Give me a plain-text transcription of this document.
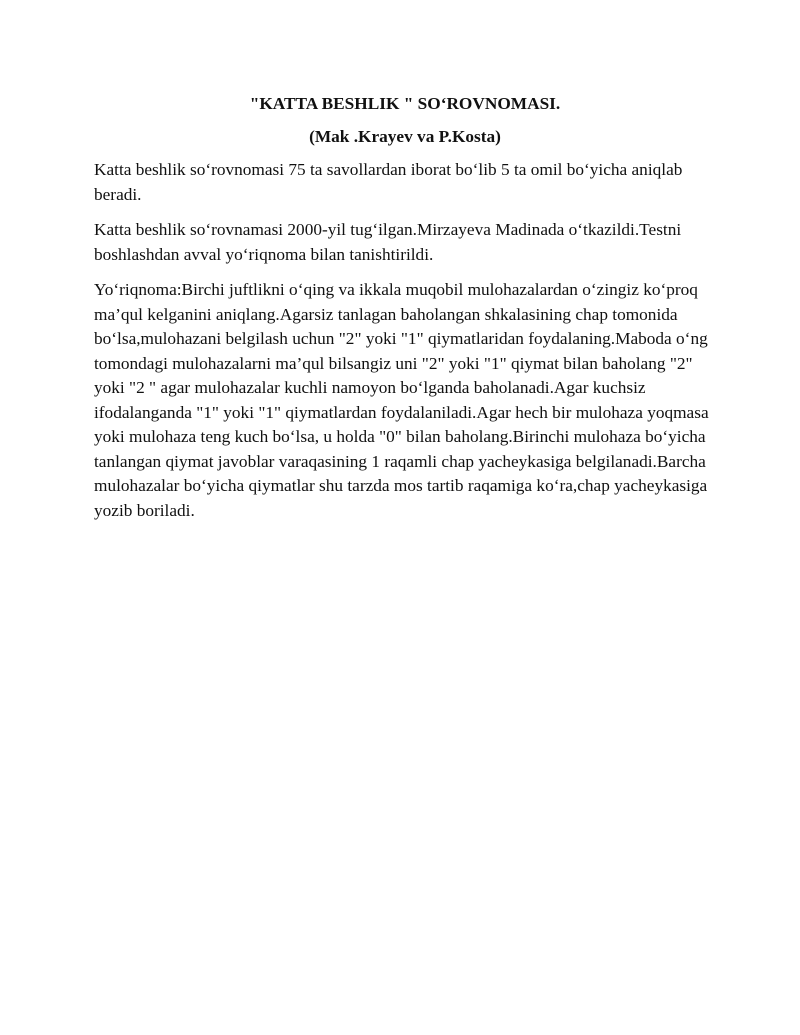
"KATTA BESHLIK " SO‘ROVNOMASI.

(Mak .Krayev va P.Kosta)

Katta beshlik so‘rovnomasi 75 ta savollardan iborat bo‘lib 5 ta omil bo‘yicha aniqlab beradi.

Katta beshlik so‘rovnamasi 2000-yil tug‘ilgan.Mirzayeva Madinada o‘tkazildi.Testni boshlashdan avval yo‘riqnoma bilan tanishtirildi.

Yo‘riqnoma:Birchi juftlikni o‘qing va ikkala muqobil mulohazalardan o‘zingiz ko‘proq ma’qul kelganini aniqlang.Agarsiz tanlagan baholangan shkalasining chap tomonida bo‘lsa,mulohazani belgilash uchun "2" yoki "1" qiymatlaridan foydalaning.Maboda o‘ng tomondagi mulohazalarni ma’qul bilsangiz uni "2" yoki "1" qiymat bilan baholang "2" yoki "2 " agar mulohazalar kuchli namoyon bo‘lganda baholanadi.Agar kuchsiz ifodalanganda "1" yoki "1" qiymatlardan foydalaniladi.Agar hech bir mulohaza yoqmasa yoki mulohaza teng kuch bo‘lsa, u holda "0" bilan baholang.Birinchi mulohaza bo‘yicha tanlangan qiymat javoblar varaqasining 1 raqamli chap yacheykasiga belgilanadi.Barcha mulohazalar bo‘yicha qiymatlar shu tarzda mos tartib raqamiga ko‘ra,chap yacheykasiga yozib boriladi.
